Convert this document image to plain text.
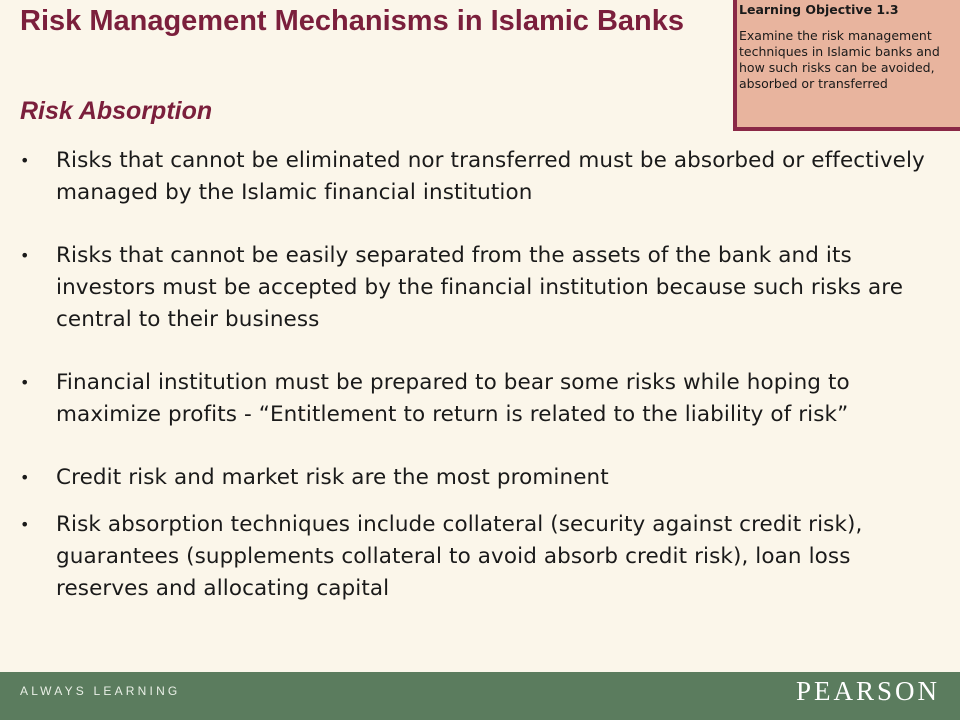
Risk Management Mechanisms in Islamic Banks
Risk Absorption

Learning Objective 1.3

Examine the risk management techniques in Islamic banks and how such risks can be avoided, absorbed or transferred

• Risks that cannot be eliminated nor transferred must be absorbed or effectively managed by the Islamic financial institution
• Risks that cannot be easily separated from the assets of the bank and its investors must be accepted by the financial institution because such risks are central to their business
• Financial institution must be prepared to bear some risks while hoping to maximize profits - “Entitlement to return is related to the liability of risk”
• Credit risk and market risk are the most prominent
• Risk absorption techniques include collateral (security against credit risk), guarantees (supplements collateral to avoid absorb credit risk), loan loss reserves and allocating capital
ALWAYS LEARNING	PEARSON
